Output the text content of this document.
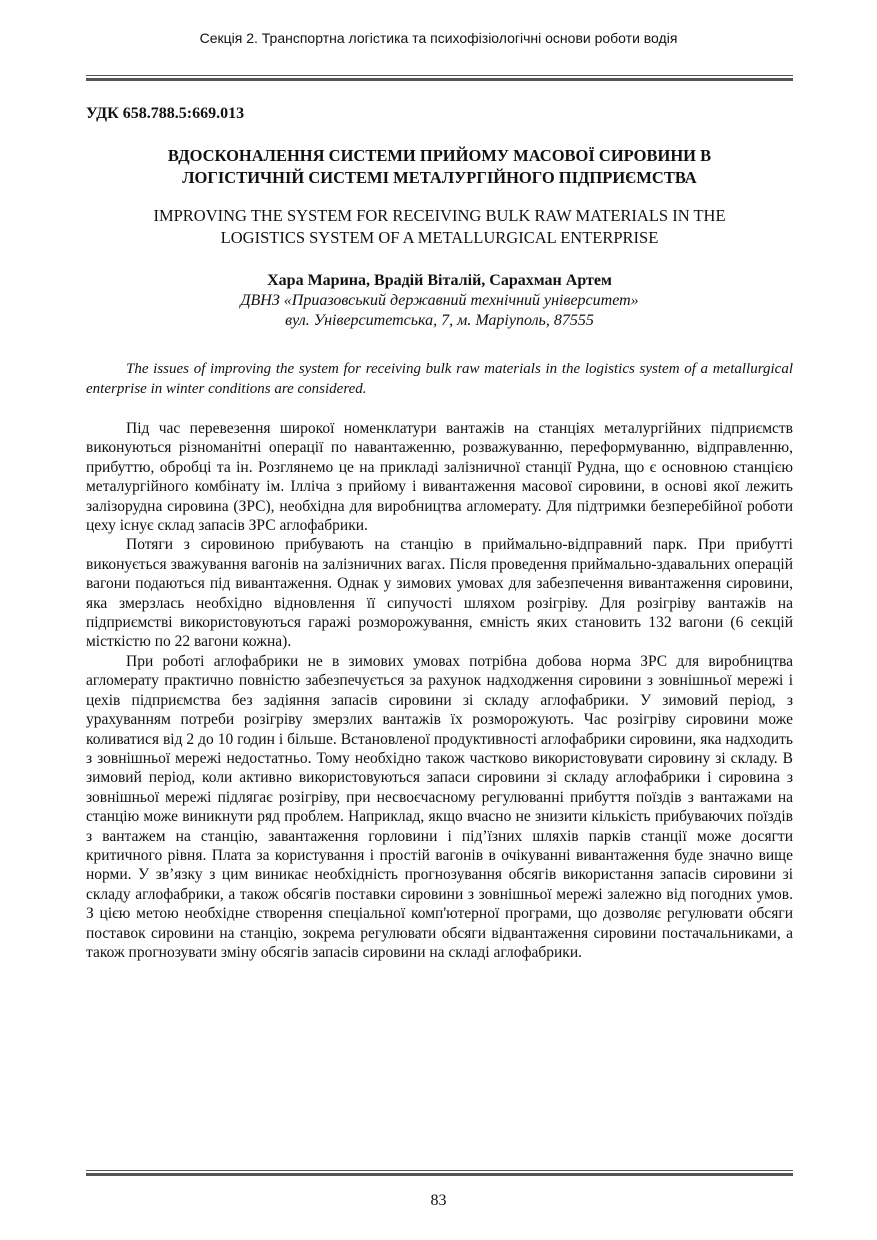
Секція 2. Транспортна логістика та психофізіологічні основи роботи водія

УДК 658.788.5:669.013

ВДОСКОНАЛЕННЯ СИСТЕМИ ПРИЙОМУ МАСОВОЇ СИРОВИНИ В

ЛОГІСТИЧНІЙ СИСТЕМІ МЕТАЛУРГІЙНОГО ПІДПРИЄМСТВА

IMPROVING THE SYSTEM FOR RECEIVING BULK RAW MATERIALS IN THE

LOGISTICS SYSTEM OF A METALLURGICAL ENTERPRISE

Хара Марина, Врадій Віталій, Сарахман Артем

ДВНЗ «Приазовський державний технічний університет»

вул. Університетська, 7, м. Маріуполь, 87555

The issues of improving the system for receiving bulk raw materials in the logistics system of a metallurgical enterprise in winter conditions are considered.

Під час перевезення широкої номенклатури вантажів на станціях металургійних підприємств виконуються різноманітні операції по навантаженню, розважуванню, переформуванню, відправленню, прибуттю, обробці та ін. Розглянемо це на прикладі залізничної станції Рудна, що є основною станцією металургійного комбінату ім. Ілліча з прийому і вивантаження масової сировини, в основі якої лежить залізорудна сировина (ЗРС), необхідна для виробництва агломерату. Для підтримки безперебійної роботи цеху існує склад запасів ЗРС аглофабрики.

Потяги з сировиною прибувають на станцію в приймально-відправний парк. При прибутті виконується зважування вагонів на залізничних вагах. Після проведення приймально-здавальних операцій вагони подаються під вивантаження. Однак у зимових умовах для забезпечення вивантаження сировини, яка змерзлась необхідно відновлення її сипучості шляхом розігріву. Для розігріву вантажів на підприємстві використовуються гаражі розморожування, ємність яких становить 132 вагони (6 секцій місткістю по 22 вагони кожна).

При роботі аглофабрики не в зимових умовах потрібна добова норма ЗРС для виробництва агломерату практично повністю забезпечується за рахунок надходження сировини з зовнішньої мережі і цехів підприємства без задіяння запасів сировини зі складу аглофабрики. У зимовий період, з урахуванням потреби розігріву змерзлих вантажів їх розморожують. Час розігріву сировини може коливатися від 2 до 10 годин і більше. Встановленої продуктивності аглофабрики сировини, яка надходить з зовнішньої мережі недостатньо. Тому необхідно також частково використовувати сировину зі складу. В зимовий період, коли активно використовуються запаси сировини зі складу аглофабрики і сировина з зовнішньої мережі підлягає розігріву, при несвоєчасному регулюванні прибуття поїздів з вантажами на станцію може виникнути ряд проблем. Наприклад, якщо вчасно не знизити кількість прибуваючих поїздів з вантажем на станцію, завантаження горловини і під’їзних шляхів парків станції може досягти критичного рівня. Плата за користування і простій вагонів в очікуванні вивантаження буде значно вище норми. У зв’язку з цим виникає необхідність прогнозування обсягів використання запасів сировини зі складу аглофабрики, а також обсягів поставки сировини з зовнішньої мережі залежно від погодних умов. З цією метою необхідне створення спеціальної комп'ютерної програми, що дозволяє регулювати обсяги поставок сировини на станцію, зокрема регулювати обсяги відвантаження сировини постачальниками, а також прогнозувати зміну обсягів запасів сировини на складі аглофабрики.

83
